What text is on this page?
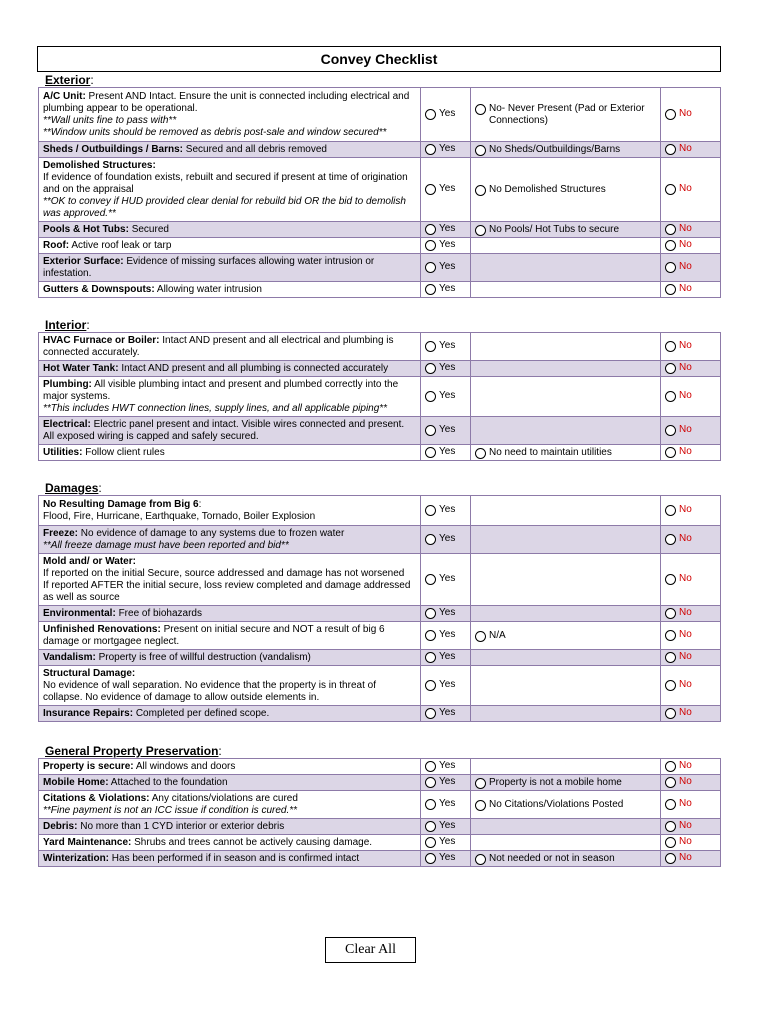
Convey Checklist
Exterior:
A/C Unit: Present AND Intact. Ensure the unit is connected including electrical and plumbing appear to be operational.
**Wall units fine to pass with**
**Window units should be removed as debris post-sale and window secured**	Yes	No- Never Present (Pad or Exterior Connections)	No
Sheds / Outbuildings / Barns: Secured and all debris removed	Yes	No Sheds/Outbuildings/Barns	No
Demolished Structures:
If evidence of foundation exists, rebuilt and secured if present at time of origination and on the appraisal
**OK to convey if HUD provided clear denial for rebuild bid OR the bid to demolish was approved.**	Yes	No Demolished Structures	No
Pools & Hot Tubs: Secured	Yes	No Pools/ Hot Tubs to secure	No
Roof: Active roof leak or tarp	Yes		No
Exterior Surface: Evidence of missing surfaces allowing water intrusion or infestation.	Yes		No
Gutters & Downspouts: Allowing water intrusion	Yes		No
Interior:
HVAC Furnace or Boiler: Intact AND present and all electrical and plumbing is connected accurately.	Yes		No
Hot Water Tank: Intact AND present and all plumbing is connected accurately	Yes		No
Plumbing: All visible plumbing intact and present and plumbed correctly into the major systems.
**This includes HWT connection lines, supply lines, and all applicable piping**	Yes		No
Electrical: Electric panel present and intact. Visible wires connected and present. All exposed wiring is capped and safely secured.	Yes		No
Utilities: Follow client rules	Yes	No need to maintain utilities	No
Damages:
No Resulting Damage from Big 6:
Flood, Fire, Hurricane, Earthquake, Tornado, Boiler Explosion	Yes		No
Freeze: No evidence of damage to any systems due to frozen water
**All freeze damage must have been reported and bid**	Yes		No
Mold and/ or Water:
If reported on the initial Secure, source addressed and damage has not worsened
If reported AFTER the initial secure, loss review completed and damage addressed as well as source	Yes		No
Environmental: Free of biohazards	Yes		No
Unfinished Renovations: Present on initial secure and NOT a result of big 6 damage or mortgagee neglect.	Yes	N/A	No
Vandalism: Property is free of willful destruction (vandalism)	Yes		No
Structural Damage:
No evidence of wall separation. No evidence that the property is in threat of collapse. No evidence of damage to allow outside elements in.	Yes		No
Insurance Repairs: Completed per defined scope.	Yes		No
General Property Preservation:
Property is secure: All windows and doors	Yes		No
Mobile Home: Attached to the foundation	Yes	Property is not a mobile home	No
Citations & Violations: Any citations/violations are cured
**Fine payment is not an ICC issue if condition is cured.**	Yes	No Citations/Violations Posted	No
Debris: No more than 1 CYD interior or exterior debris	Yes		No
Yard Maintenance: Shrubs and trees cannot be actively causing damage.	Yes		No
Winterization: Has been performed if in season and is confirmed intact	Yes	Not needed or not in season	No
Clear All
